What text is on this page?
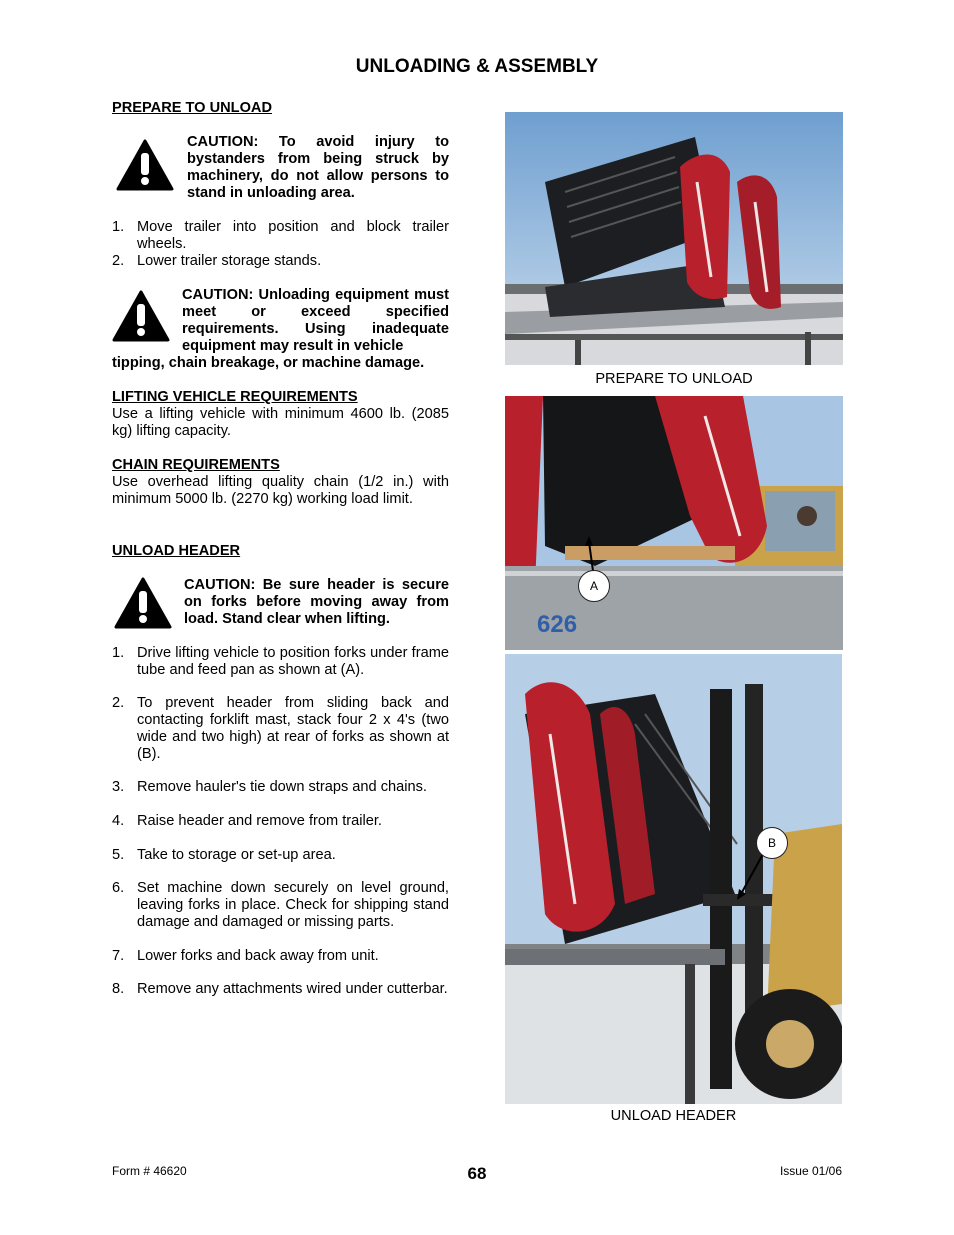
UNLOADING & ASSEMBLY
PREPARE TO UNLOAD
CAUTION: To avoid injury to bystanders from being struck by machinery, do not allow persons to stand in unloading area.
1. Move trailer into position and block trailer wheels.
2. Lower trailer storage stands.
CAUTION: Unloading equipment must meet or exceed specified requirements. Using inadequate equipment may result in vehicle
tipping, chain breakage, or machine damage.
LIFTING VEHICLE REQUIREMENTS
Use a lifting vehicle with minimum 4600 lb. (2085 kg) lifting capacity.
CHAIN REQUIREMENTS
Use overhead lifting quality chain (1/2 in.) with minimum 5000 lb. (2270 kg) working load limit.
UNLOAD HEADER
CAUTION: Be sure header is secure on forks before moving away from load. Stand clear when lifting.
1. Drive lifting vehicle to position forks under frame tube and feed pan as shown at (A).
2. To prevent header from sliding back and contacting forklift mast, stack four 2 x 4's (two wide and two high) at rear of forks as shown at (B).
3. Remove hauler's tie down straps and chains.
4. Raise header and remove from trailer.
5. Take to storage or set-up area.
6. Set machine down securely on level ground, leaving forks in place. Check for shipping stand damage and damaged or missing parts.
7. Lower forks and back away from unit.
8. Remove any attachments wired under cutterbar.
PREPARE TO UNLOAD
626
A
B
UNLOAD HEADER
Form # 46620	68	Issue 01/06
